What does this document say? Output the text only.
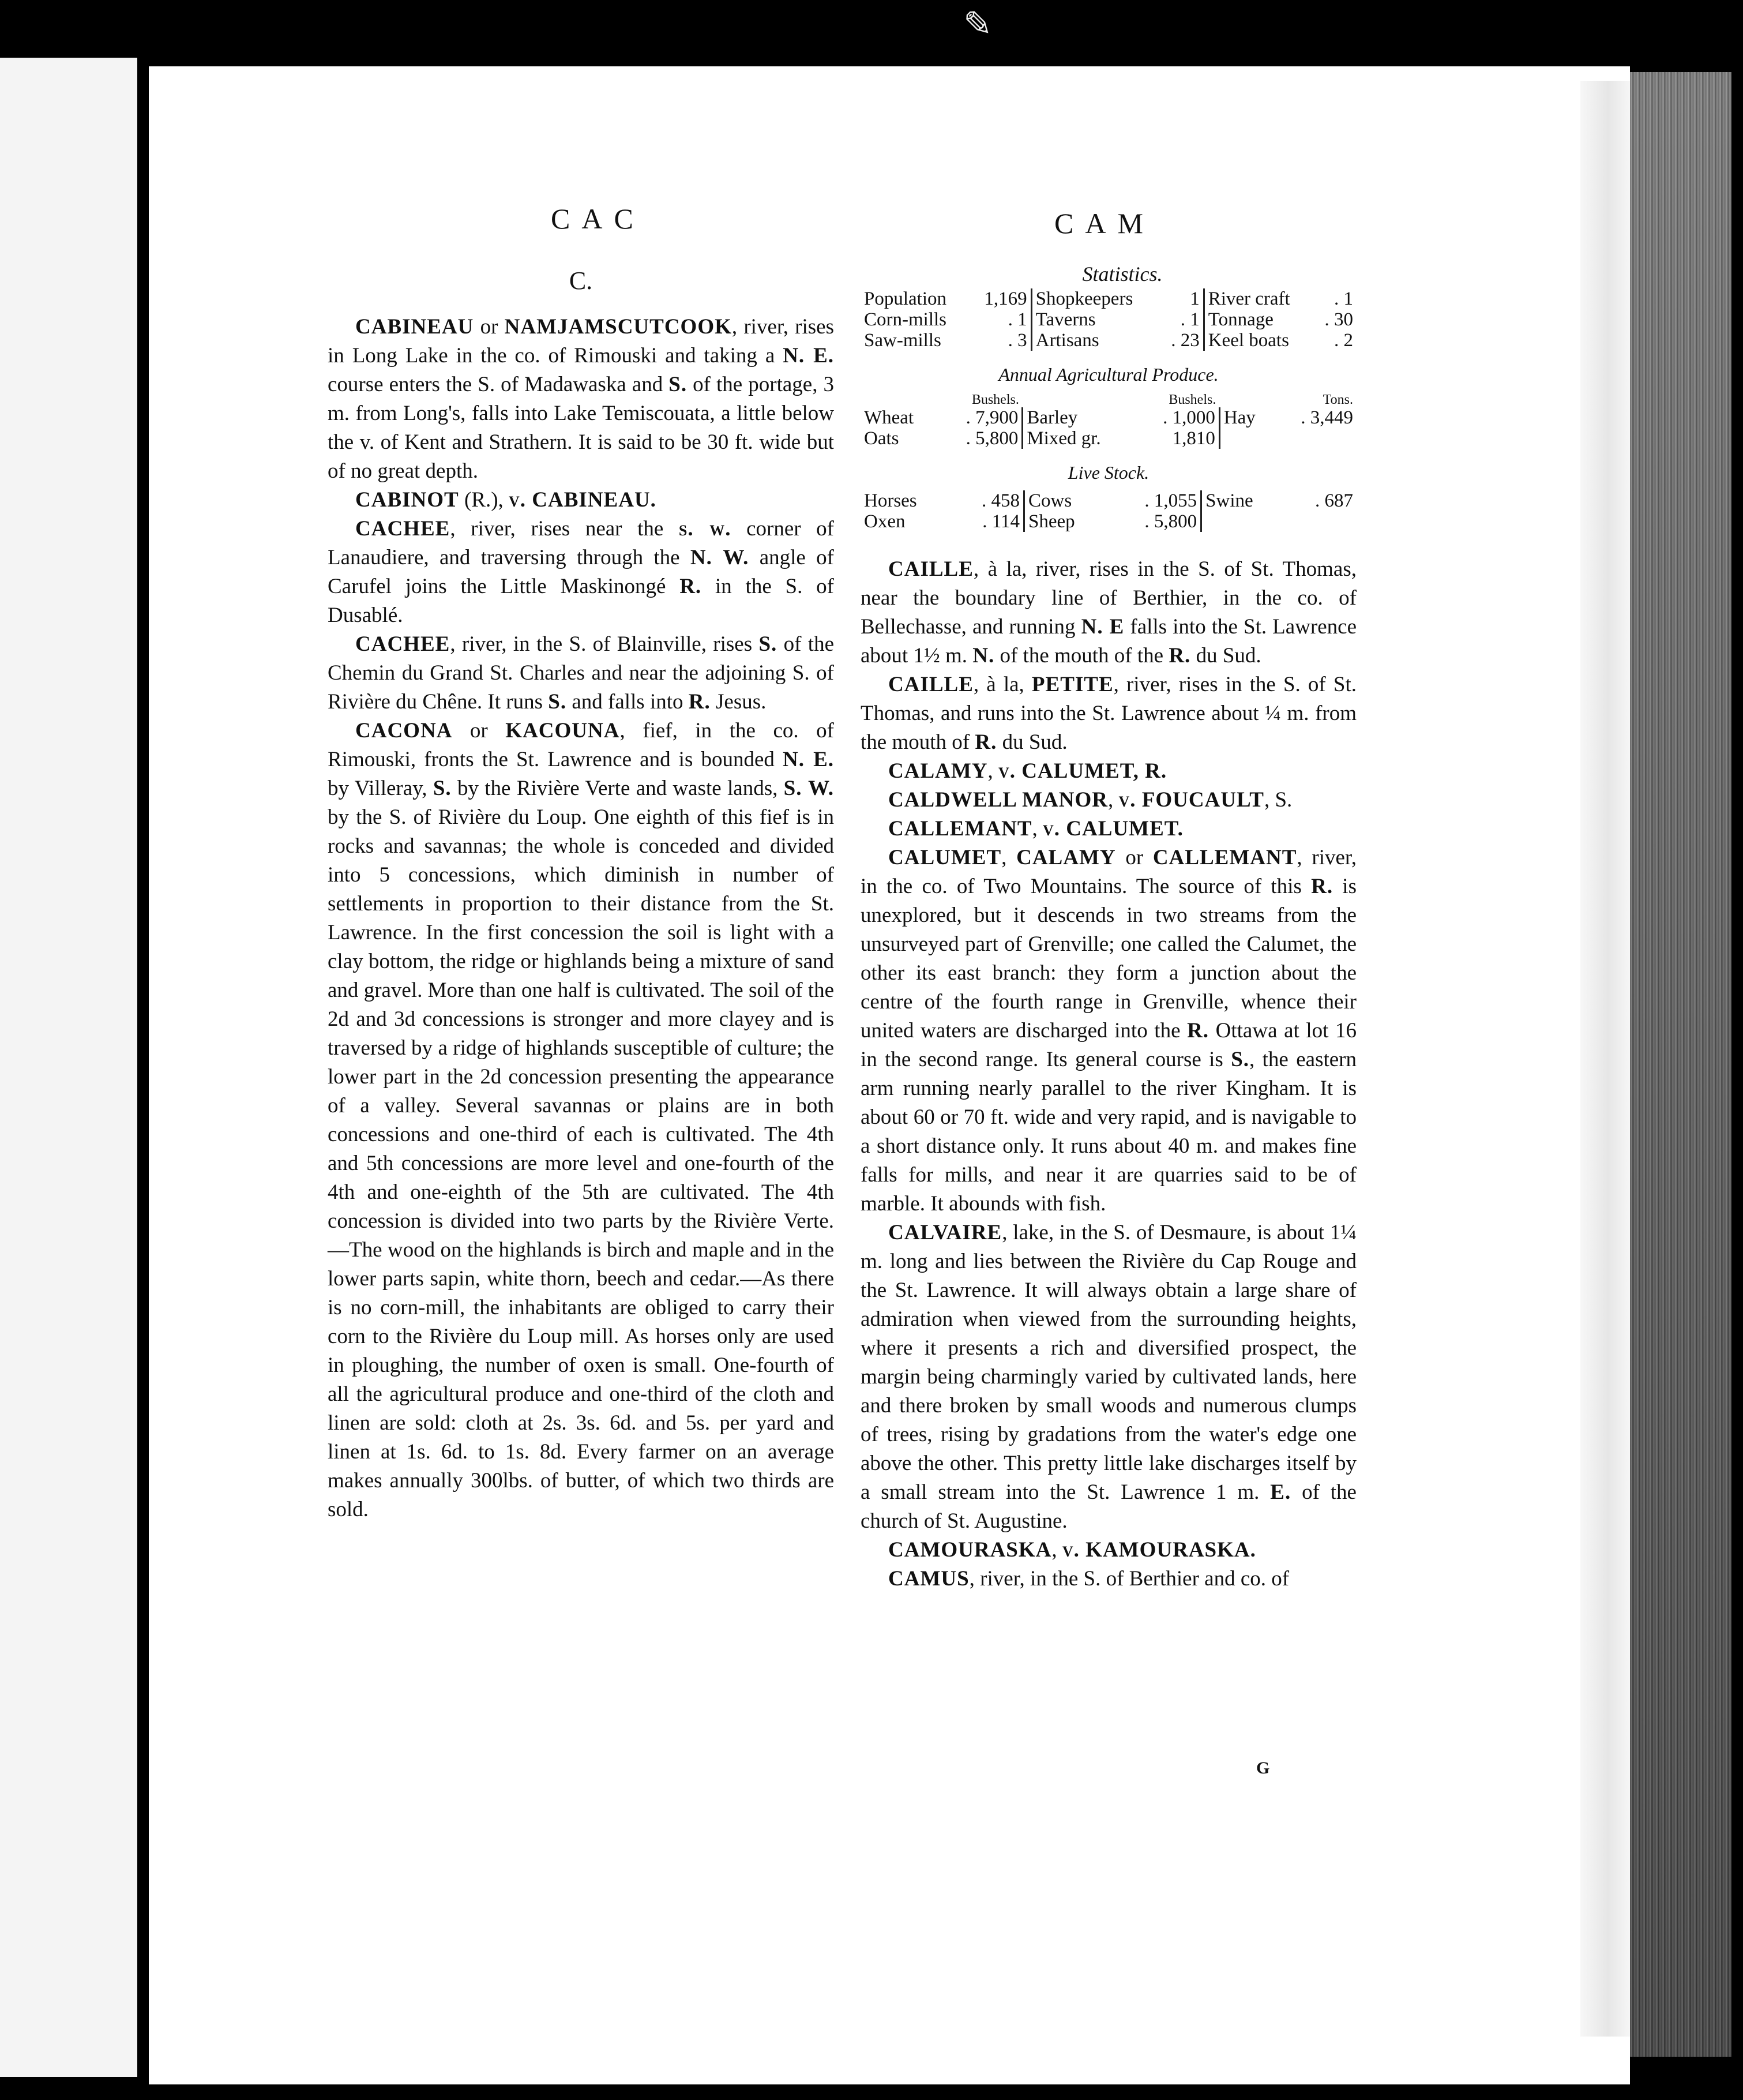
✎
CAC	CAM
C.

CABINEAU or NAMJAMSCUTCOOK, river, rises in Long Lake in the co. of Rimouski and taking a N. E. course enters the S. of Madawaska and S. of the portage, 3 m. from Long's, falls into Lake Temiscouata, a little below the v. of Kent and Strathern. It is said to be 30 ft. wide but of no great depth.

CABINOT (R.), v. CABINEAU.

CACHEE, river, rises near the s. w. corner of Lanaudiere, and traversing through the N. W. angle of Carufel joins the Little Maskinongé R. in the S. of Dusablé.

CACHEE, river, in the S. of Blainville, rises S. of the Chemin du Grand St. Charles and near the adjoining S. of Rivière du Chêne. It runs S. and falls into R. Jesus.

CACONA or KACOUNA, fief, in the co. of Rimouski, fronts the St. Lawrence and is bounded N. E. by Villeray, S. by the Rivière Verte and waste lands, S. W. by the S. of Rivière du Loup. One eighth of this fief is in rocks and savannas; the whole is conceded and divided into 5 concessions, which diminish in number of settlements in proportion to their distance from the St. Lawrence. In the first concession the soil is light with a clay bottom, the ridge or highlands being a mixture of sand and gravel. More than one half is cultivated. The soil of the 2d and 3d concessions is stronger and more clayey and is traversed by a ridge of highlands susceptible of culture; the lower part in the 2d concession presenting the appearance of a valley. Several savannas or plains are in both concessions and one-third of each is cultivated. The 4th and 5th concessions are more level and one-fourth of the 4th and one-eighth of the 5th are cultivated. The 4th concession is divided into two parts by the Rivière Verte.—The wood on the highlands is birch and maple and in the lower parts sapin, white thorn, beech and cedar.—As there is no corn-mill, the inhabitants are obliged to carry their corn to the Rivière du Loup mill. As horses only are used in ploughing, the number of oxen is small. One-fourth of all the agricultural produce and one-third of the cloth and linen are sold: cloth at 2s. 3s. 6d. and 5s. per yard and linen at 1s. 6d. to 1s. 8d. Every farmer on an average makes annually 300lbs. of butter, of which two thirds are sold.

Statistics.

Population	1,169	Shopkeepers	1	River craft	. 1
Corn-mills	. 1	Taverns	. 1	Tonnage	. 30
Saw-mills	. 3	Artisans	. 23	Keel boats	. 2
Annual Agricultural Produce.
	Bushels.		Bushels.		Tons.
Wheat	. 7,900	Barley	. 1,000	Hay	. 3,449
Oats	. 5,800	Mixed gr.	1,810		
Live Stock.
Horses	. 458	Cows	. 1,055	Swine	. 687
Oxen	. 114	Sheep	. 5,800		

CAILLE, à la, river, rises in the S. of St. Thomas, near the boundary line of Berthier, in the co. of Bellechasse, and running N. E falls into the St. Lawrence about 1½ m. N. of the mouth of the R. du Sud.

CAILLE, à la, PETITE, river, rises in the S. of St. Thomas, and runs into the St. Lawrence about ¼ m. from the mouth of R. du Sud.

CALAMY, v. CALUMET, R.

CALDWELL MANOR, v. FOUCAULT, S.

CALLEMANT, v. CALUMET.

CALUMET, CALAMY or CALLEMANT, river, in the co. of Two Mountains. The source of this R. is unexplored, but it descends in two streams from the unsurveyed part of Grenville; one called the Calumet, the other its east branch: they form a junction about the centre of the fourth range in Grenville, whence their united waters are discharged into the R. Ottawa at lot 16 in the second range. Its general course is S., the eastern arm running nearly parallel to the river Kingham. It is about 60 or 70 ft. wide and very rapid, and is navigable to a short distance only. It runs about 40 m. and makes fine falls for mills, and near it are quarries said to be of marble. It abounds with fish.

CALVAIRE, lake, in the S. of Desmaure, is about 1¼ m. long and lies between the Rivière du Cap Rouge and the St. Lawrence. It will always obtain a large share of admiration when viewed from the surrounding heights, where it presents a rich and diversified prospect, the margin being charmingly varied by cultivated lands, here and there broken by small woods and numerous clumps of trees, rising by gradations from the water's edge one above the other. This pretty little lake discharges itself by a small stream into the St. Lawrence 1 m. E. of the church of St. Augustine.

CAMOURASKA, v. KAMOURASKA.

CAMUS, river, in the S. of Berthier and co. of

G
